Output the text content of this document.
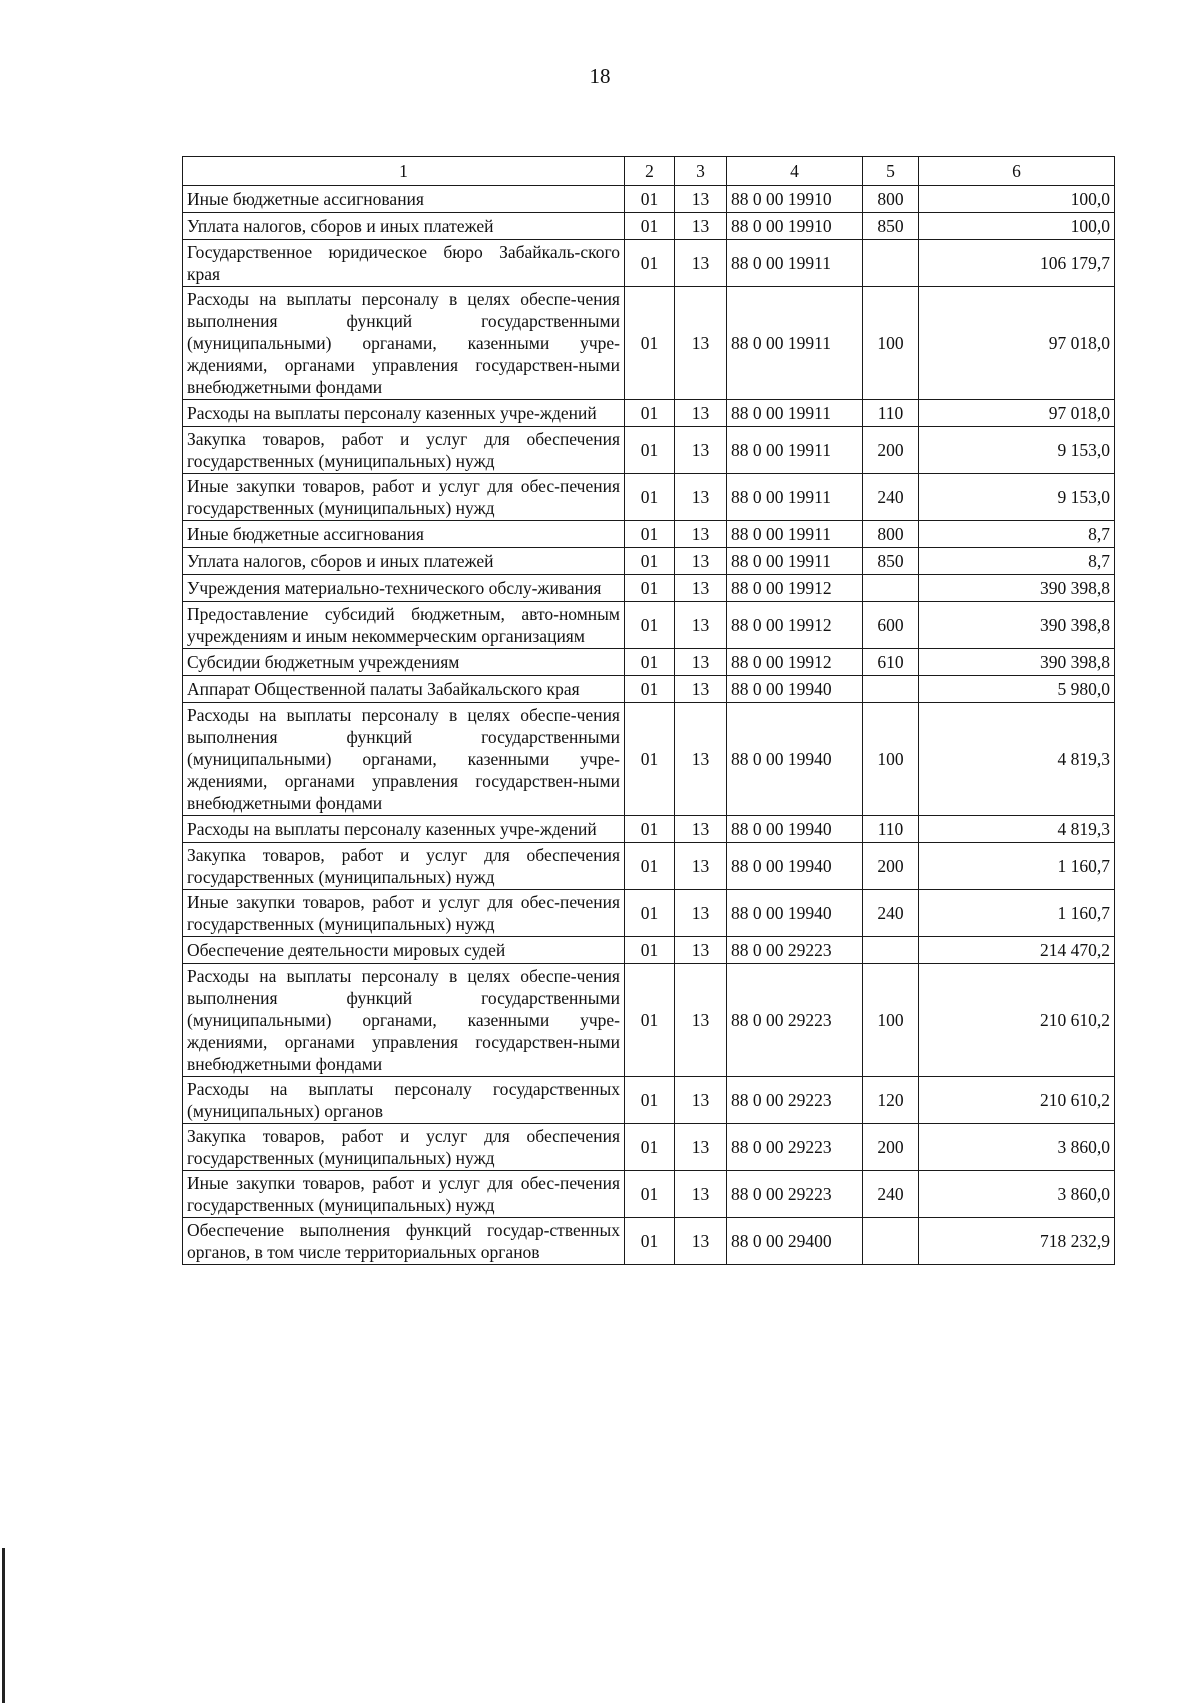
18
1	2	3	4	5	6
Иные бюджетные ассигнования	01	13	88 0 00 19910	800	100,0
Уплата налогов, сборов и иных платежей	01	13	88 0 00 19910	850	100,0
Государственное юридическое бюро Забайкаль-ского края	01	13	88 0 00 19911		106 179,7
Расходы на выплаты персоналу в целях обеспе-чения выполнения функций государственными (муниципальными) органами, казенными учре-ждениями, органами управления государствен-ными внебюджетными фондами	01	13	88 0 00 19911	100	97 018,0
Расходы на выплаты персоналу казенных учре-ждений	01	13	88 0 00 19911	110	97 018,0
Закупка товаров, работ и услуг для обеспечения государственных (муниципальных) нужд	01	13	88 0 00 19911	200	9 153,0
Иные закупки товаров, работ и услуг для обес-печения государственных (муниципальных) нужд	01	13	88 0 00 19911	240	9 153,0
Иные бюджетные ассигнования	01	13	88 0 00 19911	800	8,7
Уплата налогов, сборов и иных платежей	01	13	88 0 00 19911	850	8,7
Учреждения материально-технического обслу-живания	01	13	88 0 00 19912		390 398,8
Предоставление субсидий бюджетным, авто-номным учреждениям и иным некоммерческим организациям	01	13	88 0 00 19912	600	390 398,8
Субсидии бюджетным учреждениям	01	13	88 0 00 19912	610	390 398,8
Аппарат Общественной палаты Забайкальского края	01	13	88 0 00 19940		5 980,0
Расходы на выплаты персоналу в целях обеспе-чения выполнения функций государственными (муниципальными) органами, казенными учре-ждениями, органами управления государствен-ными внебюджетными фондами	01	13	88 0 00 19940	100	4 819,3
Расходы на выплаты персоналу казенных учре-ждений	01	13	88 0 00 19940	110	4 819,3
Закупка товаров, работ и услуг для обеспечения государственных (муниципальных) нужд	01	13	88 0 00 19940	200	1 160,7
Иные закупки товаров, работ и услуг для обес-печения государственных (муниципальных) нужд	01	13	88 0 00 19940	240	1 160,7
Обеспечение деятельности мировых судей	01	13	88 0 00 29223		214 470,2
Расходы на выплаты персоналу в целях обеспе-чения выполнения функций государственными (муниципальными) органами, казенными учре-ждениями, органами управления государствен-ными внебюджетными фондами	01	13	88 0 00 29223	100	210 610,2
Расходы на выплаты персоналу государственных (муниципальных) органов	01	13	88 0 00 29223	120	210 610,2
Закупка товаров, работ и услуг для обеспечения государственных (муниципальных) нужд	01	13	88 0 00 29223	200	3 860,0
Иные закупки товаров, работ и услуг для обес-печения государственных (муниципальных) нужд	01	13	88 0 00 29223	240	3 860,0
Обеспечение выполнения функций государ-ственных органов, в том числе территориальных органов	01	13	88 0 00 29400		718 232,9
